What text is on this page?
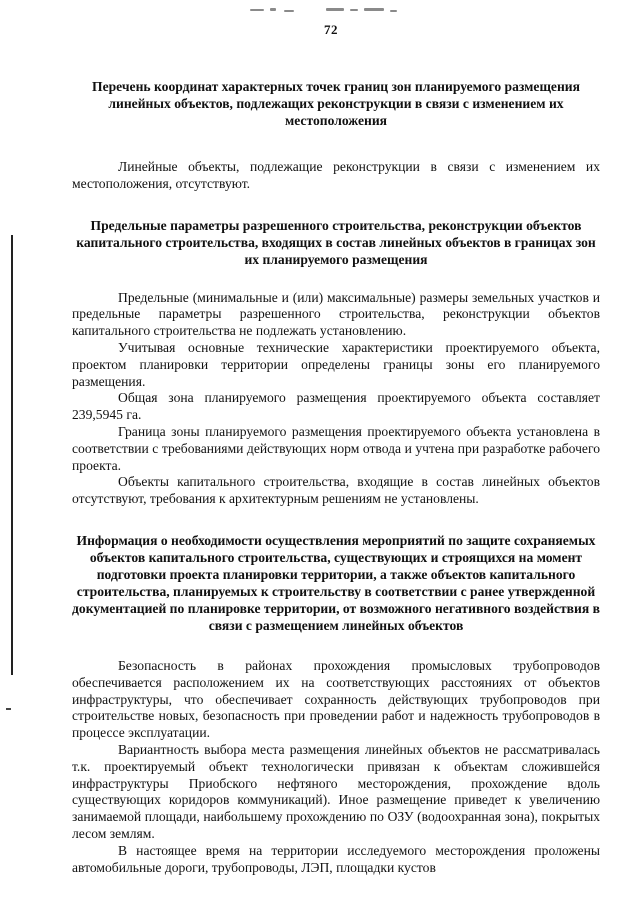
72
Перечень координат характерных точек границ зон планируемого размещения линейных объектов, подлежащих реконструкции в связи с изменением их местоположения

Линейные объекты, подлежащие реконструкции в связи с изменением их местоположения, отсутствуют.

Предельные параметры разрешенного строительства, реконструкции объектов капитального строительства, входящих в состав линейных объектов в границах зон их планируемого размещения

Предельные (минимальные и (или) максимальные) размеры земельных участков и предельные параметры разрешенного строительства, реконструкции объектов капитального строительства не подлежать установлению.

Учитывая основные технические характеристики проектируемого объекта, проектом планировки территории определены границы зоны его планируемого размещения.

Общая зона планируемого размещения проектируемого объекта составляет 239,5945 га.

Граница зоны планируемого размещения проектируемого объекта установлена в соответствии с требованиями действующих норм отвода и учтена при разработке рабочего проекта.

Объекты капитального строительства, входящие в состав линейных объектов отсутствуют, требования к архитектурным решениям не установлены.

Информация о необходимости осуществления мероприятий по защите сохраняемых объектов капитального строительства, существующих и строящихся на момент подготовки проекта планировки территории, а также объектов капитального строительства, планируемых к строительству в соответствии с ранее утвержденной документацией по планировке территории, от возможного негативного воздействия в связи с размещением линейных объектов

Безопасность в районах прохождения промысловых трубопроводов обеспечивается расположением их на соответствующих расстояниях от объектов инфраструктуры, что обеспечивает сохранность действующих трубопроводов при строительстве новых, безопасность при проведении работ и надежность трубопроводов в процессе эксплуатации.

Вариантность выбора места размещения линейных объектов не рассматривалась т.к. проектируемый объект технологически привязан к объектам сложившейся инфраструктуры Приобского нефтяного месторождения, прохождение вдоль существующих коридоров коммуникаций). Иное размещение приведет к увеличению занимаемой площади, наибольшему прохождению по ОЗУ (водоохранная зона), покрытых лесом землям.

В настоящее время на территории исследуемого месторождения проложены автомобильные дороги, трубопроводы, ЛЭП, площадки кустов
